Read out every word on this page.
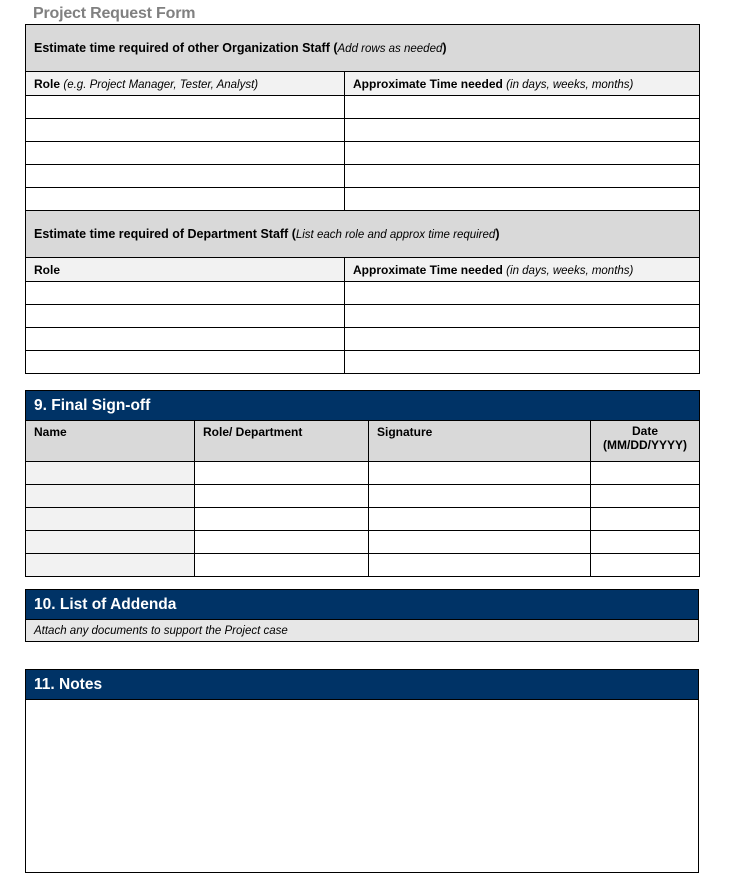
Project Request Form
Estimate time required of other Organization Staff (Add rows as needed)	
Role (e.g. Project Manager, Tester, Analyst)	Approximate Time needed (in days, weeks, months)

Estimate time required of Department Staff (List each role and approx time required)	
Role	Approximate Time needed (in days, weeks, months)

9. Final Sign-off			
Name	Role/ Department	Signature	Date
(MM/DD/YYYY)

10. List of Addenda
Attach any documents to support the Project case
11. Notes
